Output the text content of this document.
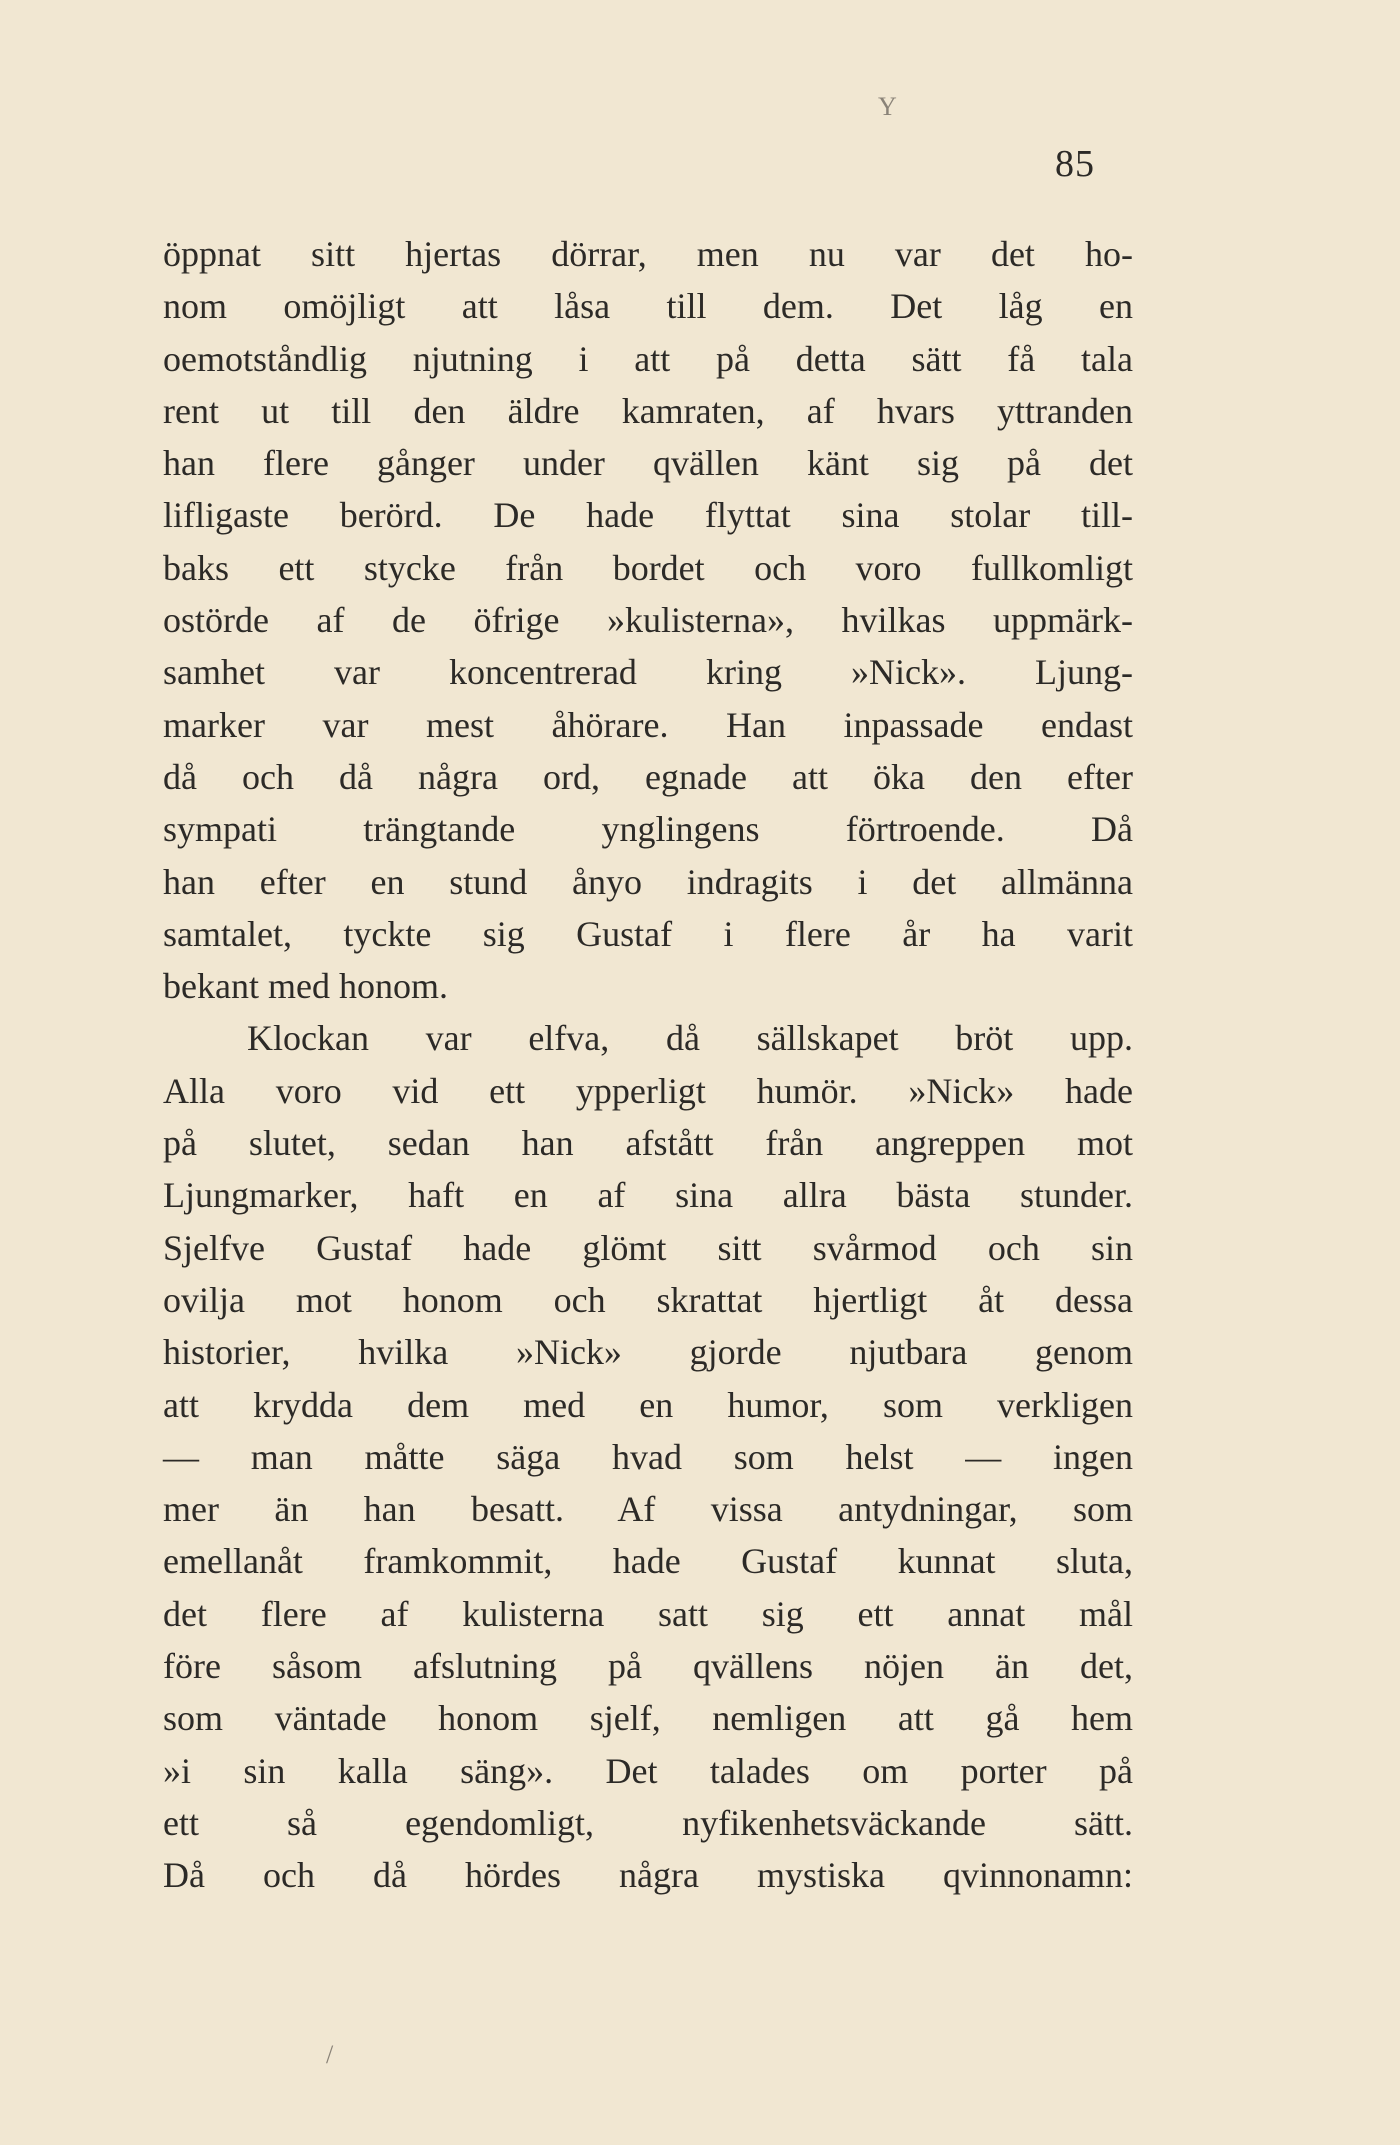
Y
85
öppnat sitt hjertas dörrar, men nu var det ho-
nom omöjligt att låsa till dem. Det låg en
oemotståndlig njutning i att på detta sätt få tala
rent ut till den äldre kamraten, af hvars yttranden
han flere gånger under qvällen känt sig på det
lifligaste berörd. De hade flyttat sina stolar till-
baks ett stycke från bordet och voro fullkomligt
ostörde af de öfrige »kulisterna», hvilkas uppmärk-
samhet var koncentrerad kring »Nick». Ljung-
marker var mest åhörare. Han inpassade endast
då och då några ord, egnade att öka den efter
sympati trängtande ynglingens förtroende. Då
han efter en stund ånyo indragits i det allmänna
samtalet, tyckte sig Gustaf i flere år ha varit
bekant med honom.
Klockan var elfva, då sällskapet bröt upp.
Alla voro vid ett ypperligt humör. »Nick» hade
på slutet, sedan han afstått från angreppen mot
Ljungmarker, haft en af sina allra bästa stunder.
Sjelfve Gustaf hade glömt sitt svårmod och sin
ovilja mot honom och skrattat hjertligt åt dessa
historier, hvilka »Nick» gjorde njutbara genom
att krydda dem med en humor, som verkligen
— man måtte säga hvad som helst — ingen
mer än han besatt. Af vissa antydningar, som
emellanåt framkommit, hade Gustaf kunnat sluta,
det flere af kulisterna satt sig ett annat mål
före såsom afslutning på qvällens nöjen än det,
som väntade honom sjelf, nemligen att gå hem
»i sin kalla säng». Det talades om porter på
ett så egendomligt, nyfikenhetsväckande sätt.
Då och då hördes några mystiska qvinnonamn:
/
